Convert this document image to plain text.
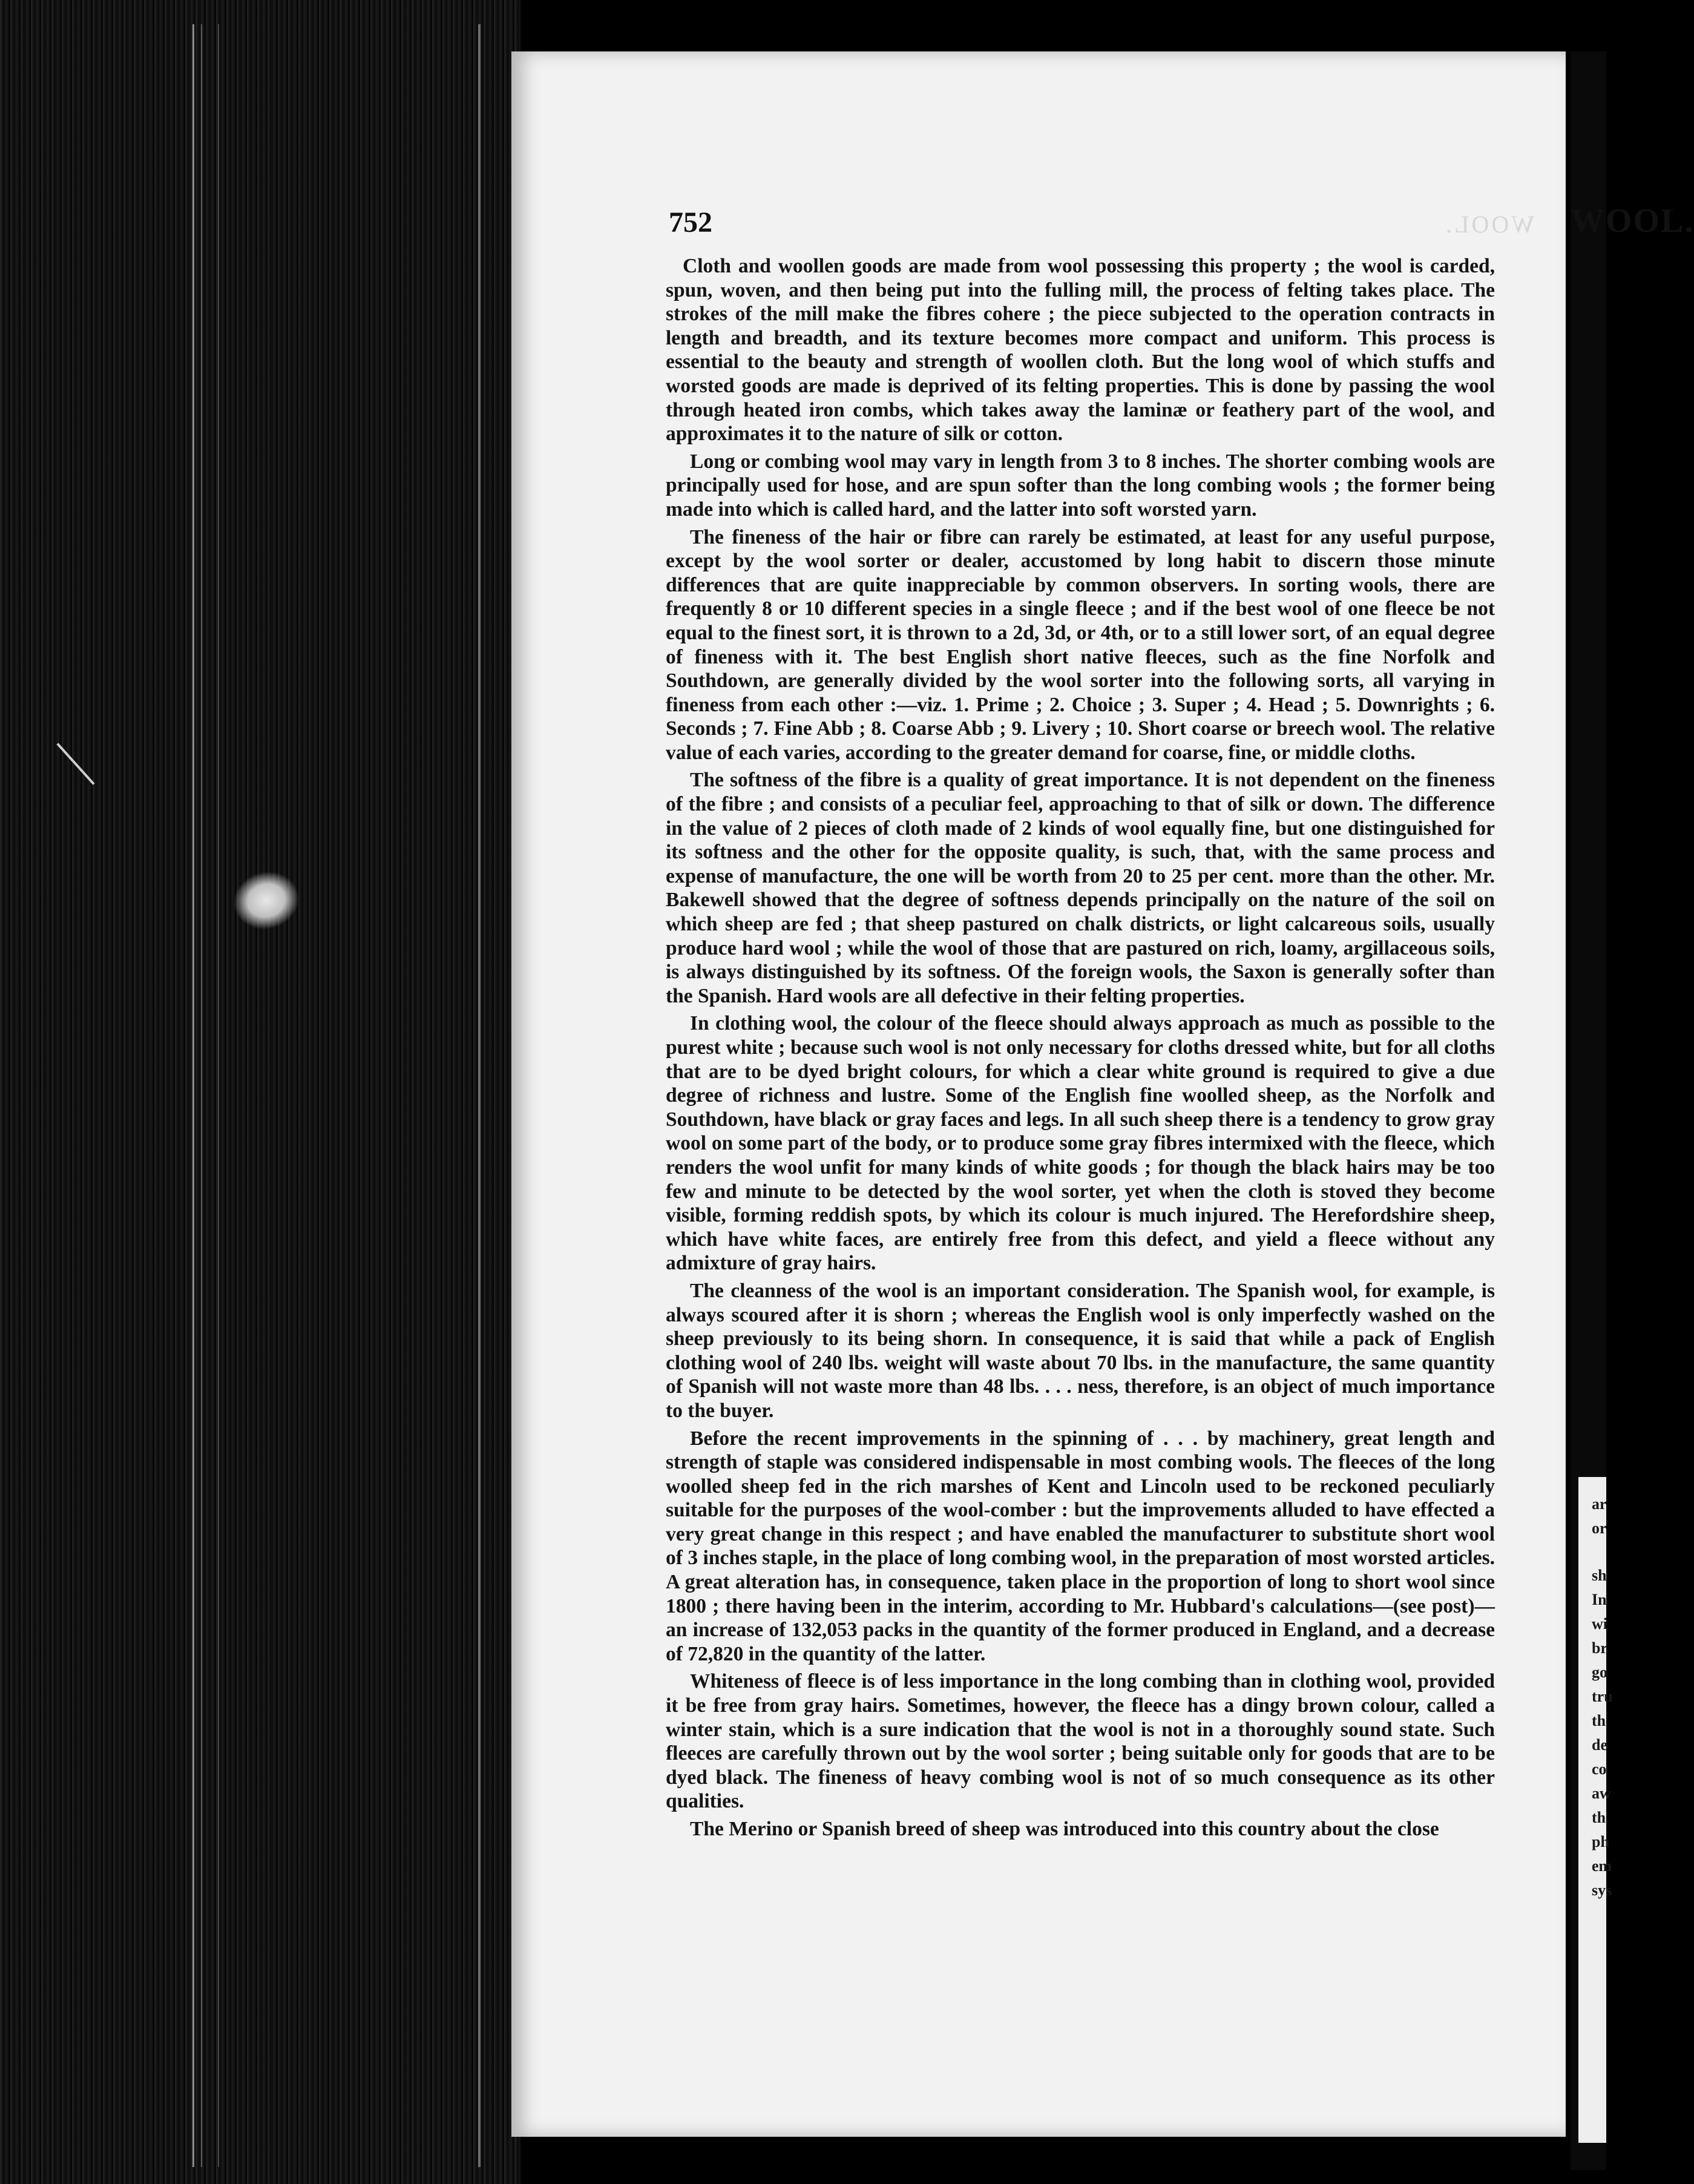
ar
or
sh
In
wi
br
go
tru
th
de
co
aw
th
ph
em
sys
WOOL.
752	WOOL.

Cloth and woollen goods are made from wool possessing this property ; the wool is carded, spun, woven, and then being put into the fulling mill, the process of felting takes place. The strokes of the mill make the fibres cohere ; the piece subjected to the operation contracts in length and breadth, and its texture becomes more compact and uniform. This process is essential to the beauty and strength of woollen cloth. But the long wool of which stuffs and worsted goods are made is deprived of its felting properties. This is done by passing the wool through heated iron combs, which takes away the laminæ or feathery part of the wool, and approximates it to the nature of silk or cotton.

Long or combing wool may vary in length from 3 to 8 inches. The shorter combing wools are principally used for hose, and are spun softer than the long combing wools ; the former being made into which is called hard, and the latter into soft worsted yarn.

The fineness of the hair or fibre can rarely be estimated, at least for any useful purpose, except by the wool sorter or dealer, accustomed by long habit to discern those minute differences that are quite inappreciable by common observers. In sorting wools, there are frequently 8 or 10 different species in a single fleece ; and if the best wool of one fleece be not equal to the finest sort, it is thrown to a 2d, 3d, or 4th, or to a still lower sort, of an equal degree of fineness with it. The best English short native fleeces, such as the fine Norfolk and Southdown, are generally divided by the wool sorter into the following sorts, all varying in fineness from each other :—viz. 1. Prime ; 2. Choice ; 3. Super ; 4. Head ; 5. Downrights ; 6. Seconds ; 7. Fine Abb ; 8. Coarse Abb ; 9. Livery ; 10. Short coarse or breech wool. The relative value of each varies, according to the greater demand for coarse, fine, or middle cloths.

The softness of the fibre is a quality of great importance. It is not dependent on the fineness of the fibre ; and consists of a peculiar feel, approaching to that of silk or down. The difference in the value of 2 pieces of cloth made of 2 kinds of wool equally fine, but one distinguished for its softness and the other for the opposite quality, is such, that, with the same process and expense of manufacture, the one will be worth from 20 to 25 per cent. more than the other. Mr. Bakewell showed that the degree of softness depends principally on the nature of the soil on which sheep are fed ; that sheep pastured on chalk districts, or light calcareous soils, usually produce hard wool ; while the wool of those that are pastured on rich, loamy, argillaceous soils, is always distinguished by its softness. Of the foreign wools, the Saxon is generally softer than the Spanish. Hard wools are all defective in their felting properties.

In clothing wool, the colour of the fleece should always approach as much as possible to the purest white ; because such wool is not only necessary for cloths dressed white, but for all cloths that are to be dyed bright colours, for which a clear white ground is required to give a due degree of richness and lustre. Some of the English fine woolled sheep, as the Norfolk and Southdown, have black or gray faces and legs. In all such sheep there is a tendency to grow gray wool on some part of the body, or to produce some gray fibres intermixed with the fleece, which renders the wool unfit for many kinds of white goods ; for though the black hairs may be too few and minute to be detected by the wool sorter, yet when the cloth is stoved they become visible, forming reddish spots, by which its colour is much injured. The Herefordshire sheep, which have white faces, are entirely free from this defect, and yield a fleece without any admixture of gray hairs.

The cleanness of the wool is an important consideration. The Spanish wool, for example, is always scoured after it is shorn ; whereas the English wool is only imperfectly washed on the sheep previously to its being shorn. In consequence, it is said that while a pack of English clothing wool of 240 lbs. weight will waste about 70 lbs. in the manufacture, the same quantity of Spanish will not waste more than 48 lbs. . . . ness, therefore, is an object of much importance to the buyer.

Before the recent improvements in the spinning of . . . by machinery, great length and strength of staple was considered indispensable in most combing wools. The fleeces of the long woolled sheep fed in the rich marshes of Kent and Lincoln used to be reckoned peculiarly suitable for the purposes of the wool-comber : but the improvements alluded to have effected a very great change in this respect ; and have enabled the manufacturer to substitute short wool of 3 inches staple, in the place of long combing wool, in the preparation of most worsted articles. A great alteration has, in consequence, taken place in the proportion of long to short wool since 1800 ; there having been in the interim, according to Mr. Hubbard's calculations—(see post)—an increase of 132,053 packs in the quantity of the former produced in England, and a decrease of 72,820 in the quantity of the latter.

Whiteness of fleece is of less importance in the long combing than in clothing wool, provided it be free from gray hairs. Sometimes, however, the fleece has a dingy brown colour, called a winter stain, which is a sure indication that the wool is not in a thoroughly sound state. Such fleeces are carefully thrown out by the wool sorter ; being suitable only for goods that are to be dyed black. The fineness of heavy combing wool is not of so much consequence as its other qualities.

The Merino or Spanish breed of sheep was introduced into this country about the close
